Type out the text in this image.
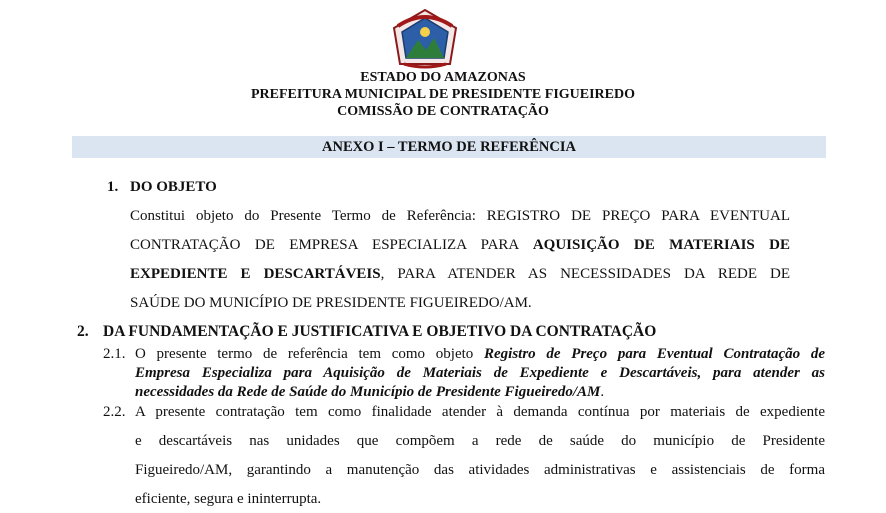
ESTADO DO AMAZONAS
PREFEITURA MUNICIPAL DE PRESIDENTE FIGUEIREDO
COMISSÃO DE CONTRATAÇÃO
ANEXO I – TERMO DE REFERÊNCIA
1. DO OBJETO
Constitui objeto do Presente Termo de Referência: REGISTRO DE PREÇO PARA EVENTUAL
CONTRATAÇÃO DE EMPRESA ESPECIALIZA PARA AQUISIÇÃO DE MATERIAIS DE
EXPEDIENTE E DESCARTÁVEIS, PARA ATENDER AS NECESSIDADES DA REDE DE
SAÚDE DO MUNICÍPIO DE PRESIDENTE FIGUEIREDO/AM.
2. DA FUNDAMENTAÇÃO E JUSTIFICATIVA E OBJETIVO DA CONTRATAÇÃO
2.1. O presente termo de referência tem como objeto Registro de Preço para Eventual Contratação de
Empresa Especializa para Aquisição de Materiais de Expediente e Descartáveis, para atender as
necessidades da Rede de Saúde do Município de Presidente Figueiredo/AM.
2.2. A presente contratação tem como finalidade atender à demanda contínua por materiais de expediente
e descartáveis nas unidades que compõem a rede de saúde do município de Presidente
Figueiredo/AM, garantindo a manutenção das atividades administrativas e assistenciais de forma
eficiente, segura e ininterrupta.
